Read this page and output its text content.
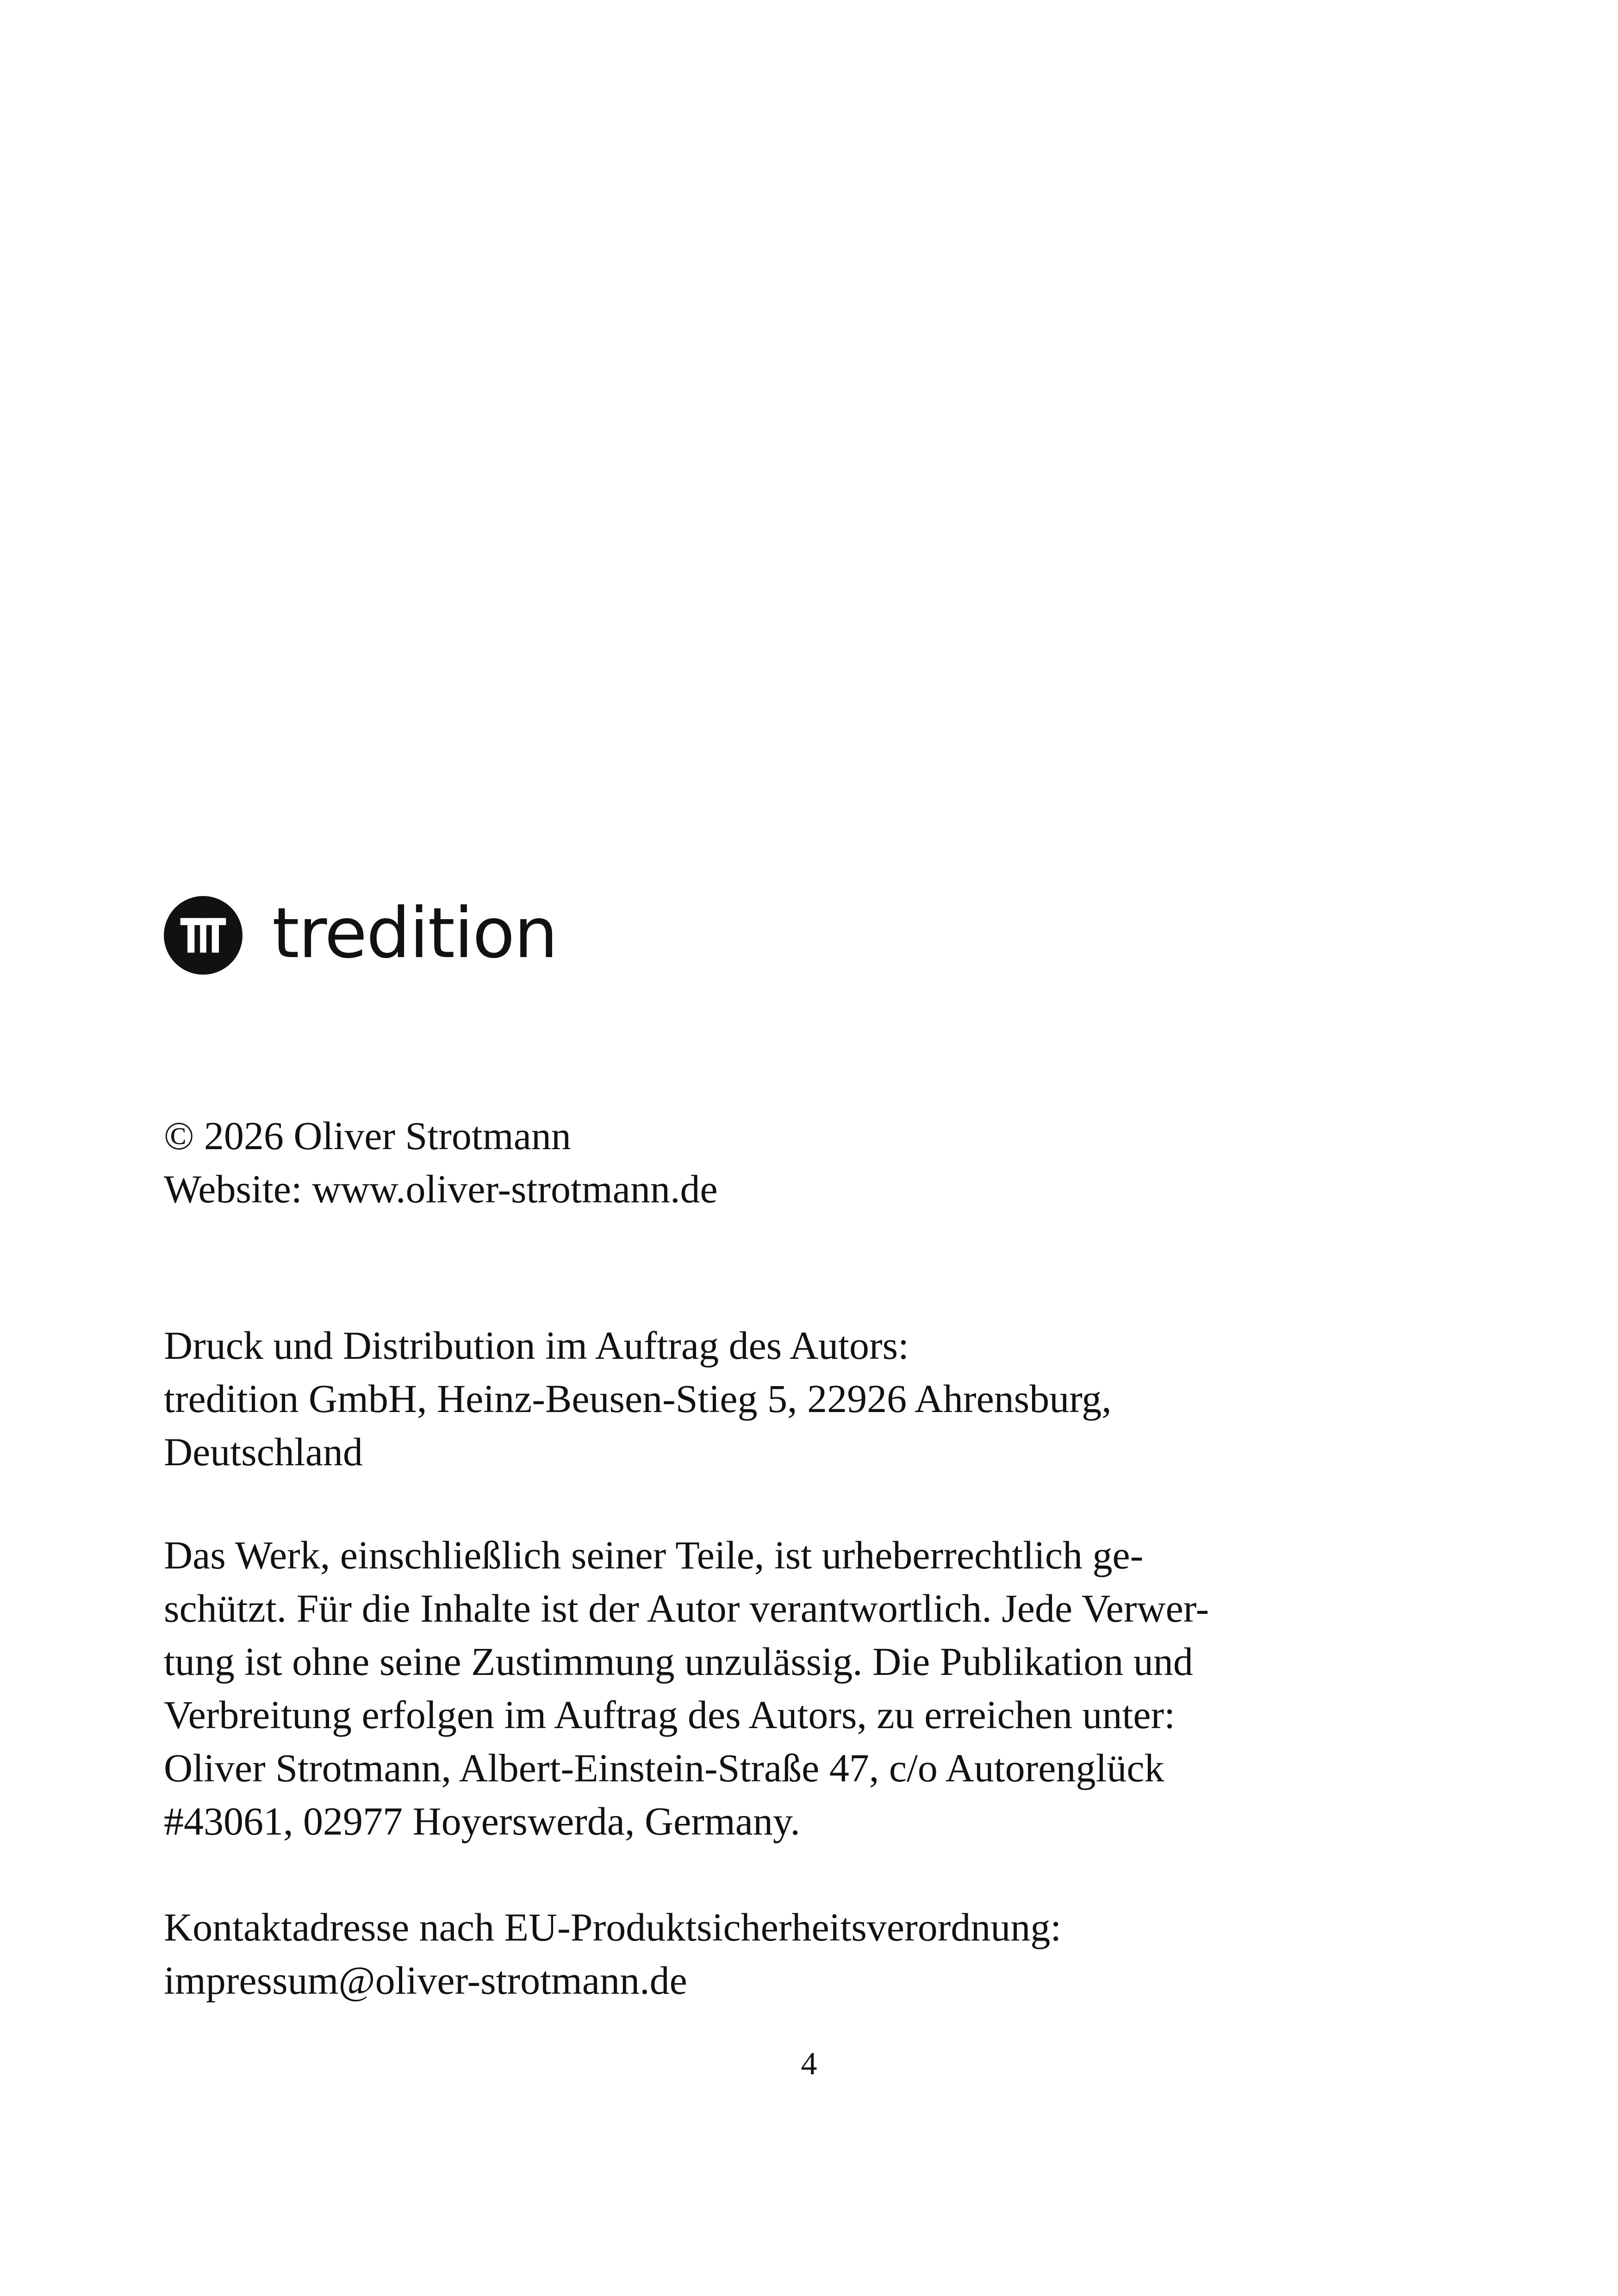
tredition
© 2026 Oliver Strotmann
Website: www.oliver-strotmann.de
Druck und Distribution im Auftrag des Autors:
tredition GmbH, Heinz-Beusen-Stieg 5, 22926 Ahrensburg,
Deutschland
Das Werk, einschließlich seiner Teile, ist urheberrechtlich ge-
schützt. Für die Inhalte ist der Autor verantwortlich. Jede Verwer-
tung ist ohne seine Zustimmung unzulässig. Die Publikation und
Verbreitung erfolgen im Auftrag des Autors, zu erreichen unter:
Oliver Strotmann, Albert-Einstein-Straße 47, c/o Autorenglück
#43061, 02977 Hoyerswerda, Germany.
Kontaktadresse nach EU-Produktsicherheitsverordnung:
impressum@oliver-strotmann.de
4
